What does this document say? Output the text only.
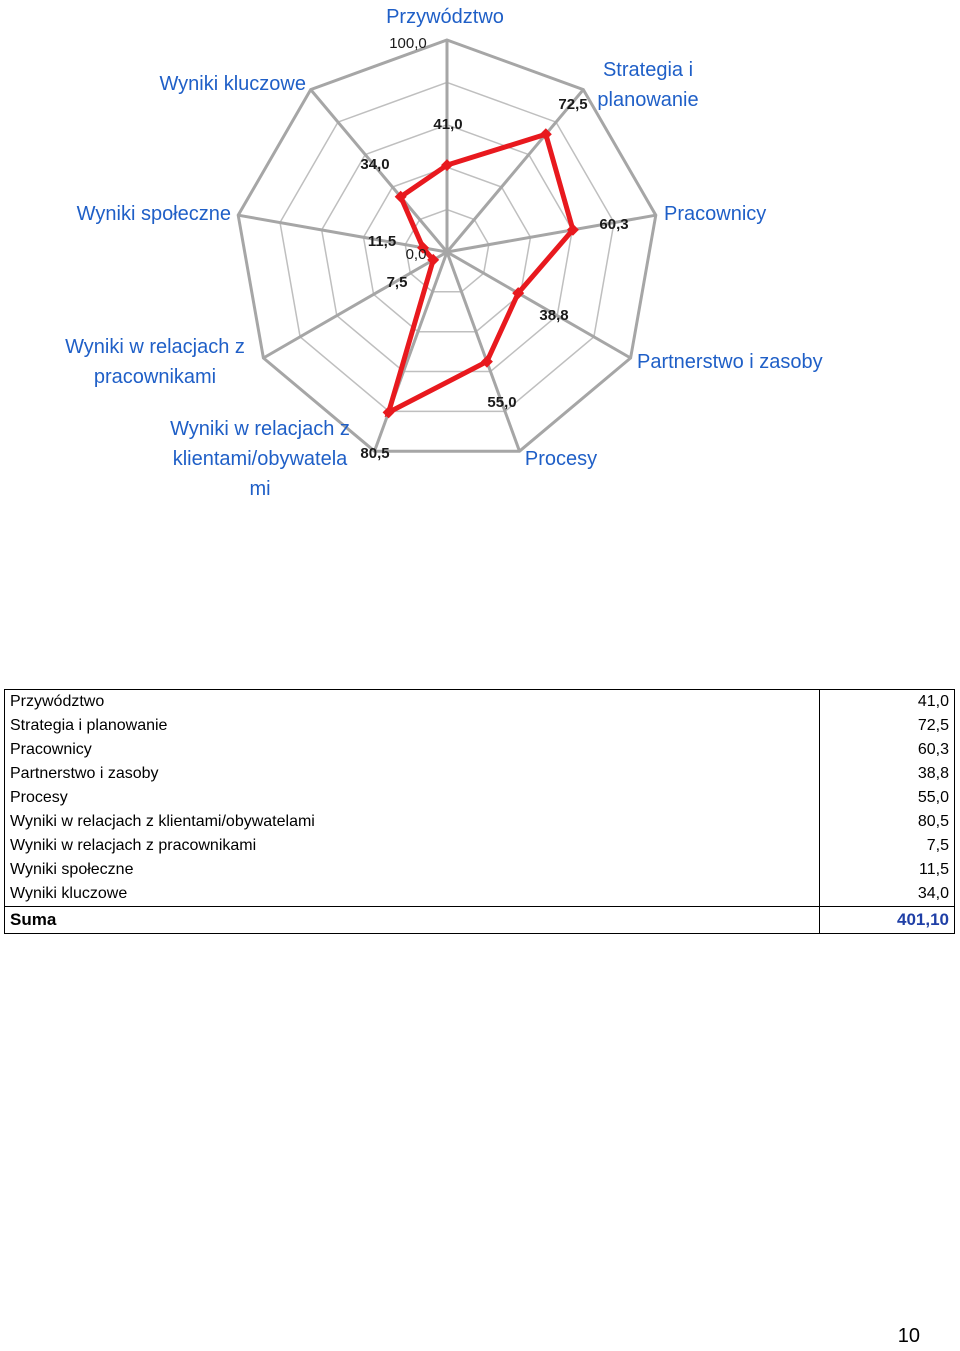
Przywództwo
Strategia i
planowanie
Pracownicy
Partnerstwo i zasoby
Procesy
Wyniki w relacjach z
klientami/obywatela
mi
Wyniki w relacjach z
pracownikami
Wyniki społeczne
Wyniki kluczowe
41,0
72,5
60,3
38,8
55,0
80,5
7,5
11,5
34,0
100,0
0,0
Przywództwo	41,0
Strategia i planowanie	72,5
Pracownicy	60,3
Partnerstwo i zasoby	38,8
Procesy	55,0
Wyniki w relacjach z klientami/obywatelami	80,5
Wyniki w relacjach z pracownikami	7,5
Wyniki społeczne	11,5
Wyniki kluczowe	34,0
Suma	401,10
10
